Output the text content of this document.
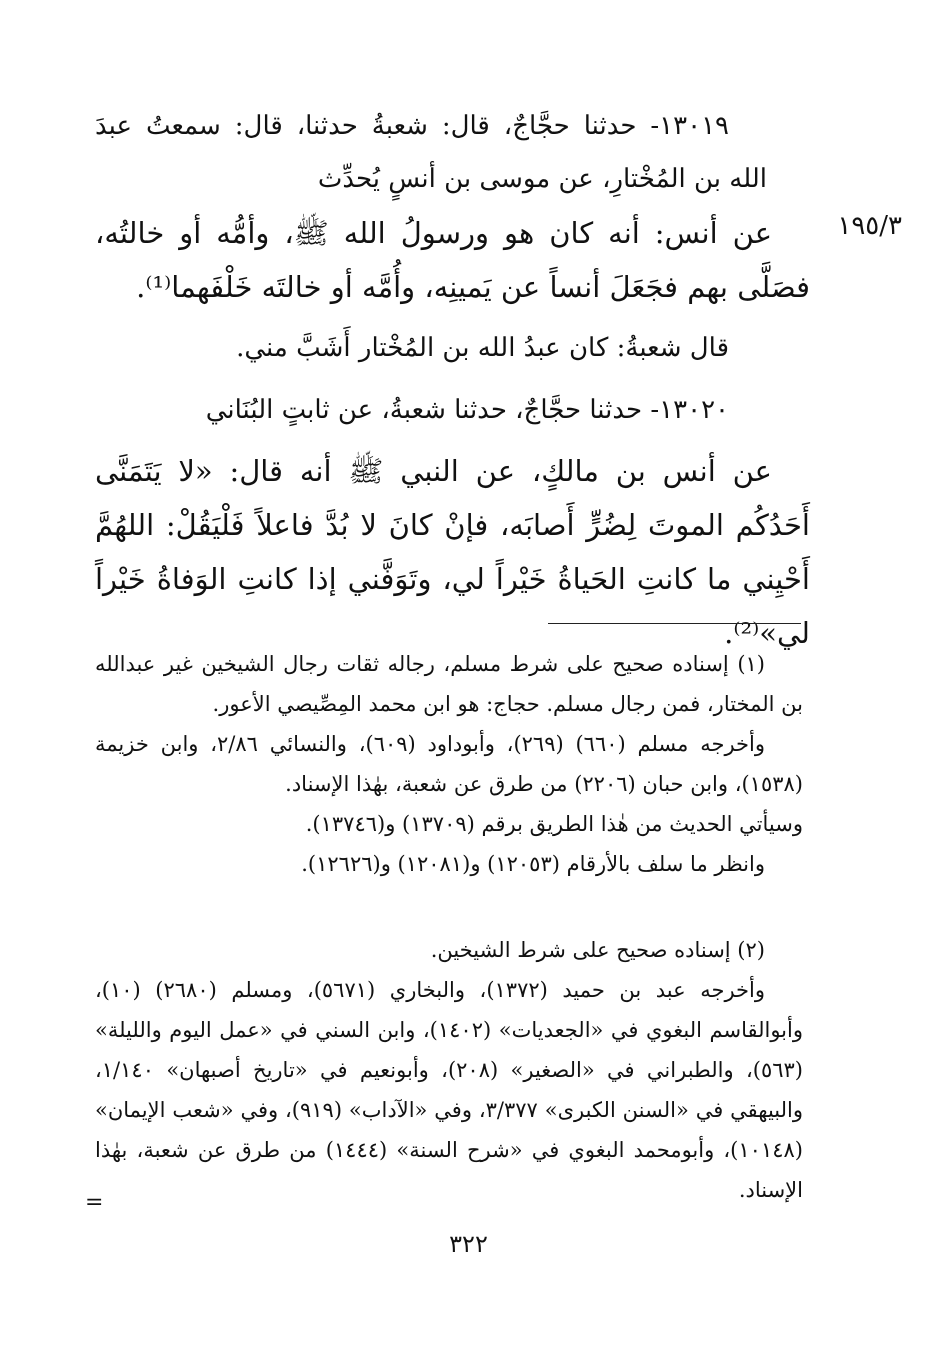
١٣٠١٩- حدثنا حجَّاجٌ، قال: شعبةُ حدثنا، قال: سمعتُ عبدَ الله بن المُخْتارِ، عن موسى بن أنسٍ يُحدِّث

١٩٥/٣

عن أنس: أنه كان هو ورسولُ الله ﷺ، وأمُّه أو خالتُه، فصَلَّى بهم فجَعَلَ أنساً عن يَمينِه، وأُمَّه أو خالتَه خَلْفَهما⁽¹⁾.

قال شعبةُ: كان عبدُ الله بن المُخْتار أَشَبَّ مني.

١٣٠٢٠- حدثنا حجَّاجٌ، حدثنا شعبةُ، عن ثابتٍ البُنَاني

عن أنس بن مالكٍ، عن النبي ﷺ أنه قال: «لا يَتَمَنَّى أَحَدُكُم الموتَ لِضُرٍّ أَصابَه، فإنْ كانَ لا بُدَّ فاعلاً فَلْيَقُلْ: اللهُمَّ أَحْيِني ما كانتِ الحَياةُ خَيْراً لي، وتَوَفَّني إذا كانتِ الوَفاةُ خَيْراً لي»⁽²⁾.

(١) إسناده صحيح على شرط مسلم، رجاله ثقات رجال الشيخين غير عبدالله بن المختار، فمن رجال مسلم. حجاج: هو ابن محمد المِصِّيصي الأعور.

وأخرجه مسلم (٦٦٠) (٢٦٩)، وأبوداود (٦٠٩)، والنسائي ٢/٨٦، وابن خزيمة (١٥٣٨)، وابن حبان (٢٢٠٦) من طرق عن شعبة، بهٰذا الإسناد.

وسيأتي الحديث من هٰذا الطريق برقم (١٣٧٠٩) و(١٣٧٤٦).

وانظر ما سلف بالأرقام (١٢٠٥٣) و(١٢٠٨١) و(١٢٦٢٦).

(٢) إسناده صحيح على شرط الشيخين.

وأخرجه عبد بن حميد (١٣٧٢)، والبخاري (٥٦٧١)، ومسلم (٢٦٨٠) (١٠)، وأبوالقاسم البغوي في «الجعديات» (١٤٠٢)، وابن السني في «عمل اليوم والليلة» (٥٦٣)، والطبراني في «الصغير» (٢٠٨)، وأبونعيم في «تاريخ أصبهان» ١/١٤٠، والبيهقي في «السنن الكبرى» ٣/٣٧٧، وفي «الآداب» (٩١٩)، وفي «شعب الإيمان» (١٠١٤٨)، وأبومحمد البغوي في «شرح السنة» (١٤٤٤) من طرق عن شعبة، بهٰذا الإسناد.

=
٣٢٢
